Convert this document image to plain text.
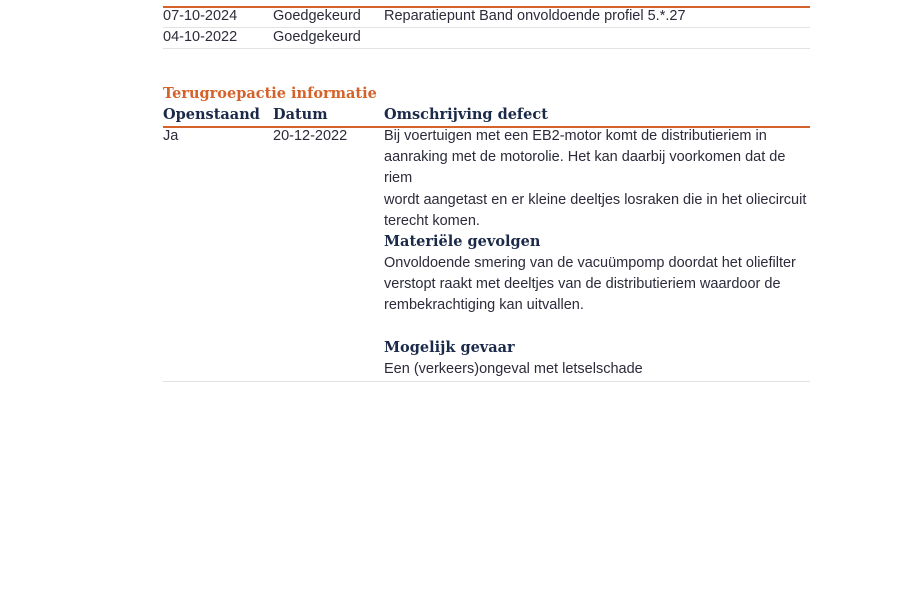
07-10-2024 Goedgekeurd Reparatiepunt Band onvoldoende profiel 5.*.27
04-10-2022 Goedgekeurd
Terugroepactie informatie
Openstaand Datum	Omschrijving defect
Ja	20-12-2022	Bij voertuigen met een EB2-motor komt de distributieriem in
aanraking met de motorolie. Het kan daarbij voorkomen dat de riem
wordt aangetast en er kleine deeltjes losraken die in het oliecircuit
terecht komen.
Materiële gevolgen
Onvoldoende smering van de vacuümpomp doordat het oliefilter
verstopt raakt met deeltjes van de distributieriem waardoor de
rembekrachtiging kan uitvallen.
Mogelijk gevaar
Een (verkeers)ongeval met letselschade
